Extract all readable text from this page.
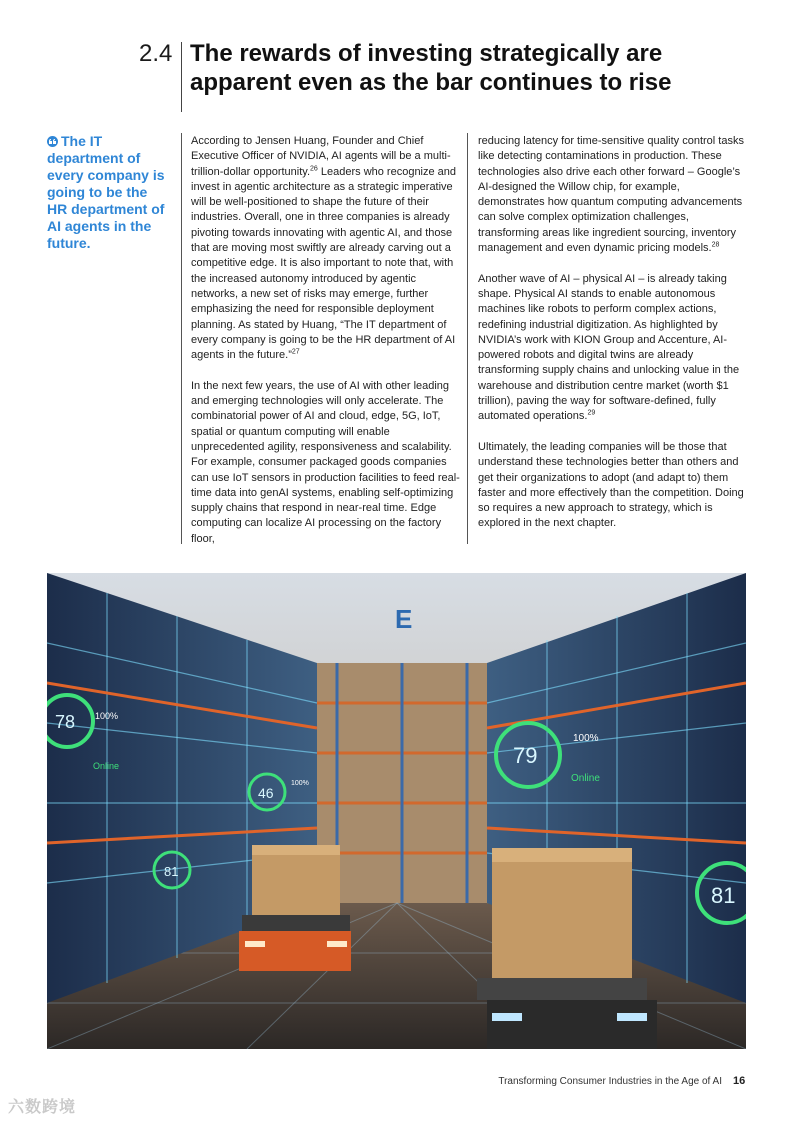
2.4 The rewards of investing strategically are
apparent even as the bar continues to rise
The IT department of every company is going to be the HR department of AI agents in the future.

According to Jensen Huang, Founder and Chief Executive Officer of NVIDIA, AI agents will be a multi-trillion-dollar opportunity.$^{26}$ Leaders who recognize and invest in agentic architecture as a strategic imperative will be well-positioned to shape the future of their industries. Overall, one in three companies is already pivoting towards innovating with agentic AI, and those that are moving most swiftly are already carving out a competitive edge. It is also important to note that, with the increased autonomy introduced by agentic networks, a new set of risks may emerge, further emphasizing the need for responsible deployment planning. As stated by Huang, “The IT department of every company is going to be the HR department of AI agents in the future.”$^{27}$

In the next few years, the use of AI with other leading and emerging technologies will only accelerate. The combinatorial power of AI and cloud, edge, 5G, IoT, spatial or quantum computing will enable unprecedented agility, responsiveness and scalability. For example, consumer packaged goods companies can use IoT sensors in production facilities to feed real-time data into genAI systems, enabling self-optimizing supply chains that respond in near-real time. Edge computing can localize AI processing on the factory floor,

reducing latency for time-sensitive quality control tasks like detecting contaminations in production. These technologies also drive each other forward – Google’s AI-designed the Willow chip, for example, demonstrates how quantum computing advancements can solve complex optimization challenges, transforming areas like ingredient sourcing, inventory management and even dynamic pricing models.$^{28}$

Another wave of AI – physical AI – is already taking shape. Physical AI stands to enable autonomous machines like robots to perform complex actions, redefining industrial digitization. As highlighted by NVIDIA’s work with KION Group and Accenture, AI-powered robots and digital twins are already transforming supply chains and unlocking value in the warehouse and distribution centre market (worth $1 trillion), paving the way for software-defined, fully automated operations.$^{29}$

Ultimately, the leading companies will be those that understand these technologies better than others and get their organizations to adopt (and adapt to) them faster and more effectively than the competition. Doing so requires a new approach to strategy, which is explored in the next chapter.

E
78 100%
Online
46
100%
81
79
100%
Online
81
Transforming Consumer Industries in the Age of AI 16
六数跨境
